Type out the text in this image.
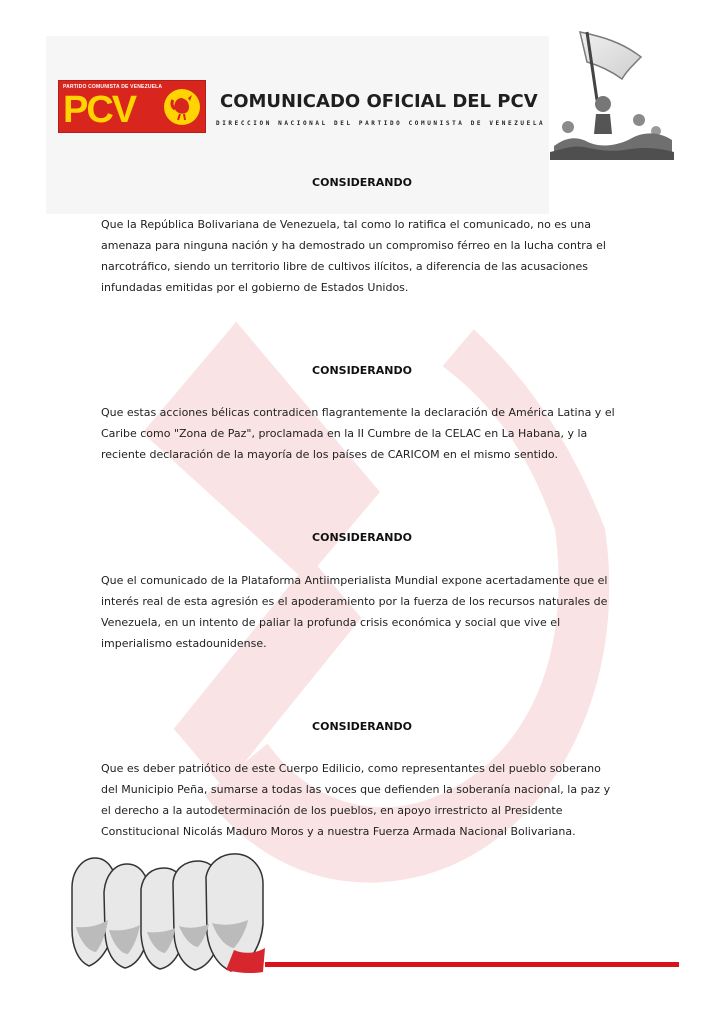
PARTIDO COMUNISTA DE VENEZUELA
PCV	COMUNICADO OFICIAL DEL PCV
DIRECCION NACIONAL DEL PARTIDO COMUNISTA DE VENEZUELA
CONSIDERANDO

Que la República Bolivariana de Venezuela, tal como lo ratifica el comunicado, no es una amenaza para ninguna nación y ha demostrado un compromiso férreo en la lucha contra el narcotráfico, siendo un territorio libre de cultivos ilícitos, a diferencia de las acusaciones infundadas emitidas por el gobierno de Estados Unidos.

CONSIDERANDO

Que estas acciones bélicas contradicen flagrantemente la declaración de América Latina y el Caribe como "Zona de Paz", proclamada en la II Cumbre de la CELAC en La Habana, y la reciente declaración de la mayoría de los países de CARICOM en el mismo sentido.

CONSIDERANDO

Que el comunicado de la Plataforma Antiimperialista Mundial expone acertadamente que el interés real de esta agresión es el apoderamiento por la fuerza de los recursos naturales de Venezuela, en un intento de paliar la profunda crisis económica y social que vive el imperialismo estadounidense.

CONSIDERANDO

Que es deber patriótico de este Cuerpo Edilicio, como representantes del pueblo soberano del Municipio Peña, sumarse a todas las voces que defienden la soberanía nacional, la paz y el derecho a la autodeterminación de los pueblos, en apoyo irrestricto al Presidente Constitucional Nicolás Maduro Moros y a nuestra Fuerza Armada Nacional Bolivariana.
